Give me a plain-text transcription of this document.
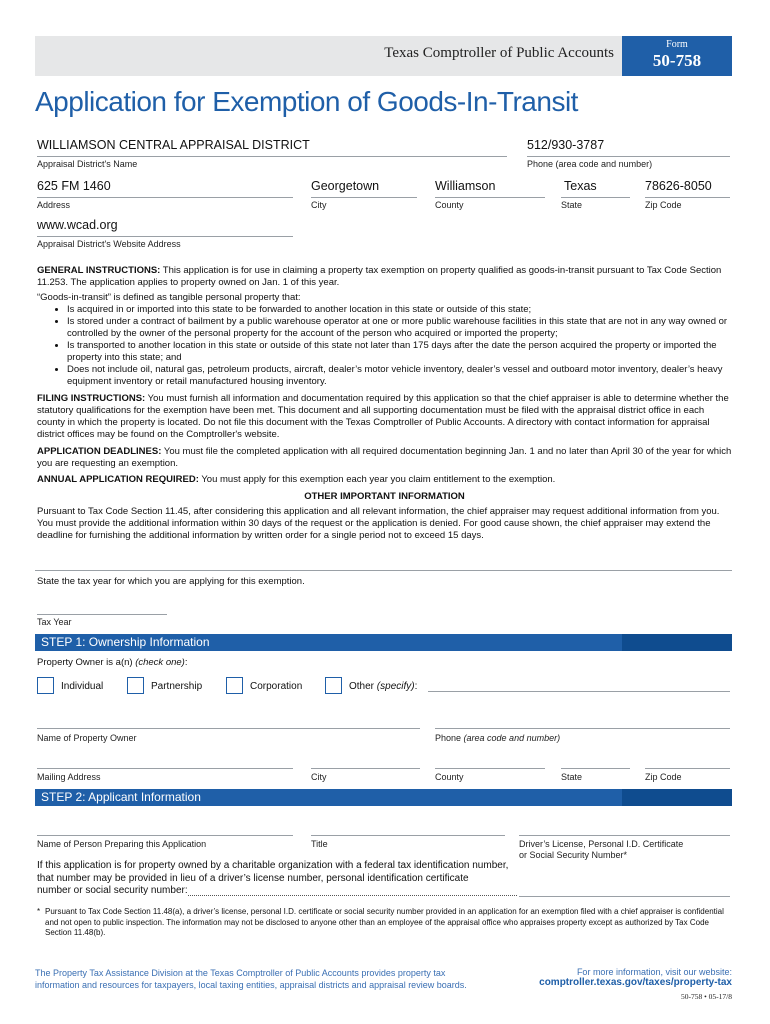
Texas Comptroller of Public Accounts
Form
50-758
Application for Exemption of Goods-In-Transit
WILLIAMSON CENTRAL APPRAISAL DISTRICT
Appraisal District's Name
512/930-3787
Phone (area code and number)
625 FM 1460
Address
Georgetown
City
Williamson
County
Texas
State
78626-8050
Zip Code
www.wcad.org
Appraisal District's Website Address
GENERAL INSTRUCTIONS: This application is for use in claiming a property tax exemption on property qualified as goods-in-transit pursuant to Tax Code Section 11.253. The application applies to property owned on Jan. 1 of this year.
“Goods-in-transit” is defined as tangible personal property that:
• Is acquired in or imported into this state to be forwarded to another location in this state or outside of this state;
• Is stored under a contract of bailment by a public warehouse operator at one or more public warehouse facilities in this state that are not in any way owned or controlled by the owner of the personal property for the account of the person who acquired or imported the property;
• Is transported to another location in this state or outside of this state not later than 175 days after the date the person acquired the property or imported the property into this state; and
• Does not include oil, natural gas, petroleum products, aircraft, dealer’s motor vehicle inventory, dealer’s vessel and outboard motor inventory, dealer’s heavy equipment inventory or retail manufactured housing inventory.
FILING INSTRUCTIONS: You must furnish all information and documentation required by this application so that the chief appraiser is able to determine whether the statutory qualifications for the exemption have been met. This document and all supporting documentation must be filed with the appraisal district office in each county in which the property is located. Do not file this document with the Texas Comptroller of Public Accounts. A directory with contact information for appraisal district offices may be found on the Comptroller's website.
APPLICATION DEADLINES: You must file the completed application with all required documentation beginning Jan. 1 and no later than April 30 of the year for which you are requesting an exemption.
ANNUAL APPLICATION REQUIRED: You must apply for this exemption each year you claim entitlement to the exemption.
OTHER IMPORTANT INFORMATION
Pursuant to Tax Code Section 11.45, after considering this application and all relevant information, the chief appraiser may request additional information from you. You must provide the additional information within 30 days of the request or the application is denied. For good cause shown, the chief appraiser may extend the deadline for furnishing the additional information by written order for a single period not to exceed 15 days.
State the tax year for which you are applying for this exemption.
Tax Year
STEP 1: Ownership Information
Property Owner is a(n) (check one):
Individual	Partnership	Corporation	Other (specify):
Name of Property Owner	Phone (area code and number)
Mailing Address	City	County	State	Zip Code
STEP 2: Applicant Information
Name of Person Preparing this Application	Title	Driver’s License, Personal I.D. Certificate
or Social Security Number*
If this application is for property owned by a charitable organization with a federal tax identification number,
that number may be provided in lieu of a driver’s license number, personal identification certificate
number or social security number:
* Pursuant to Tax Code Section 11.48(a), a driver’s license, personal I.D. certificate or social security number provided in an application for an exemption filed with a chief appraiser is confidential and not open to public inspection. The information may not be disclosed to anyone other than an employee of the appraisal office who appraises property except as authorized by Tax Code Section 11.48(b).
The Property Tax Assistance Division at the Texas Comptroller of Public Accounts provides property tax information and resources for taxpayers, local taxing entities, appraisal districts and appraisal review boards.
For more information, visit our website:
comptroller.texas.gov/taxes/property-tax
50-758 • 05-17/8
